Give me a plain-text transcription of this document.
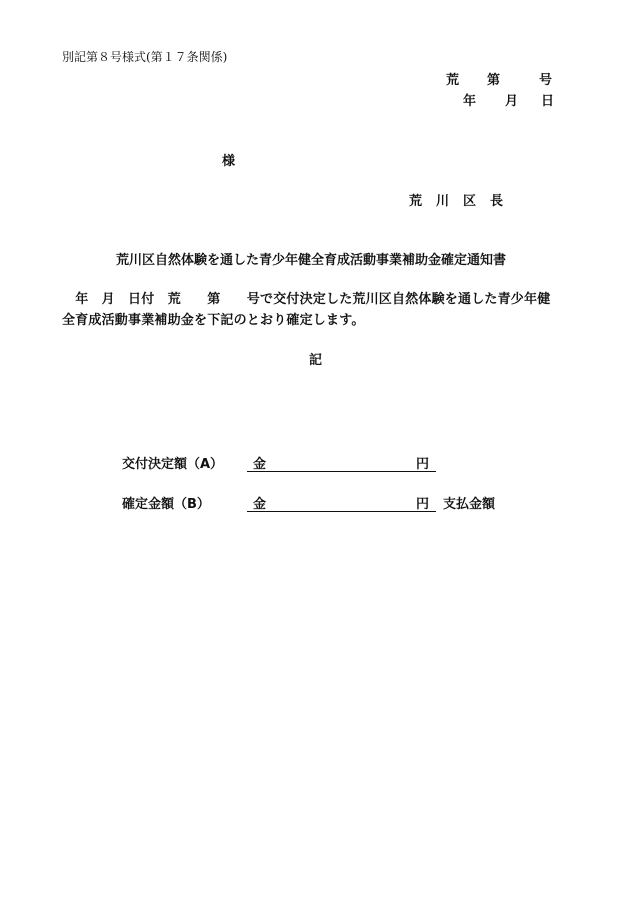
別記第８号様式(第１７条関係)
荒 第	号
年 月 日
様
荒 川 区 長
荒川区自然体験を通した青少年健全育成活動事業補助金確定通知書
　年　月　日付　荒　　第　　号で交付決定した荒川区自然体験を通した青少年健
全育成活動事業補助金を下記のとおり確定します。
記
交付決定額（A） 金	円
確定金額（B）	金	円 支払金額
